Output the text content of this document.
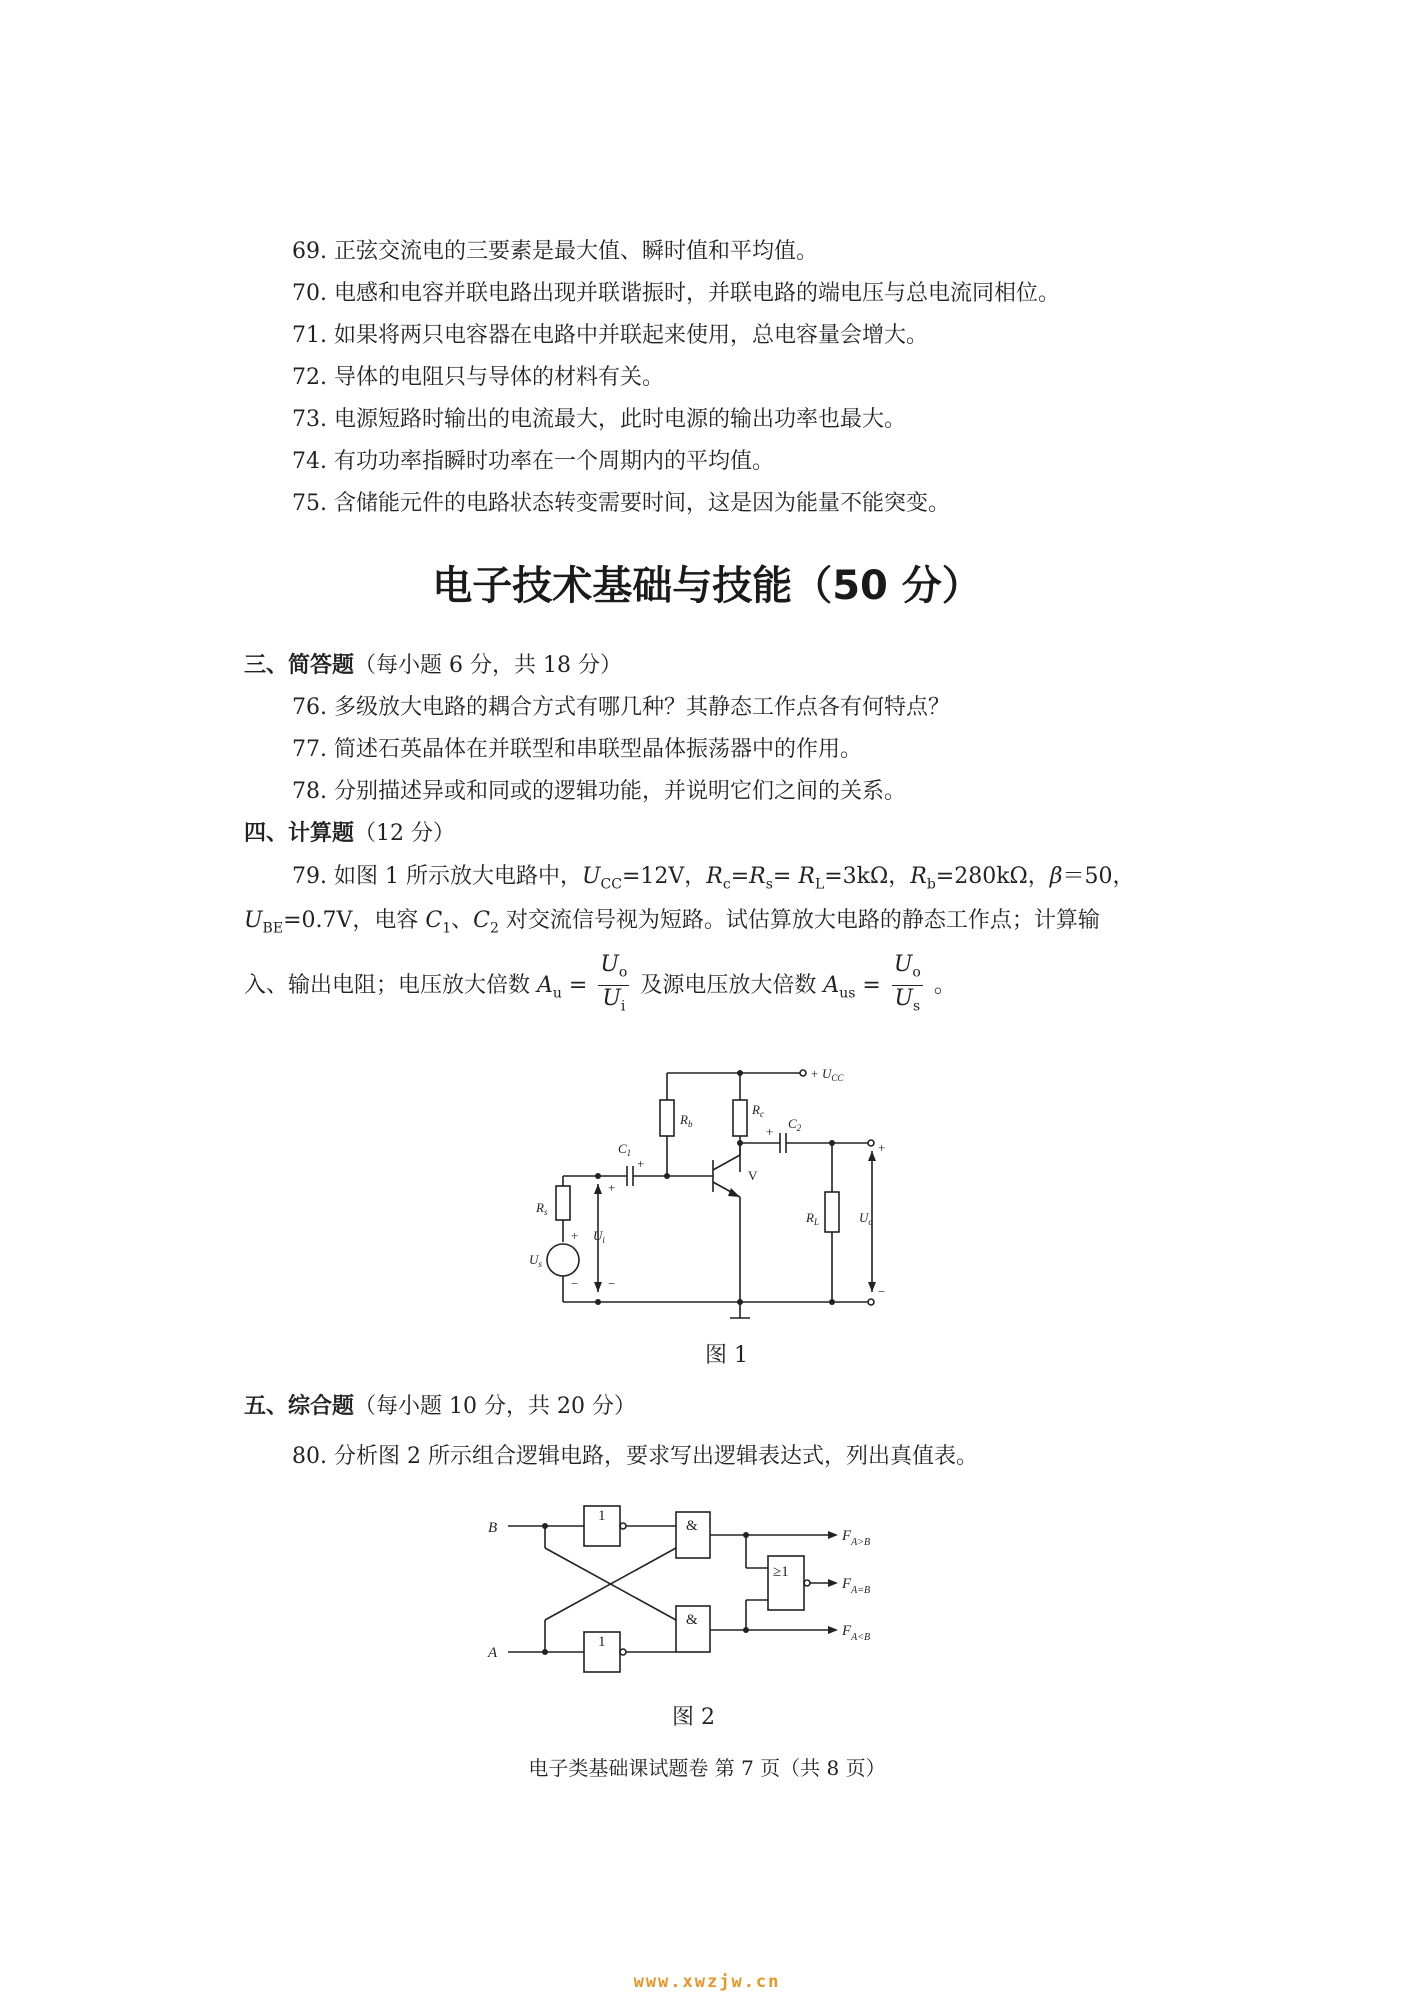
69. 正弦交流电的三要素是最大值、瞬时值和平均值。
70. 电感和电容并联电路出现并联谐振时，并联电路的端电压与总电流同相位。
71. 如果将两只电容器在电路中并联起来使用，总电容量会增大。
72. 导体的电阻只与导体的材料有关。
73. 电源短路时输出的电流最大，此时电源的输出功率也最大。
74. 有功功率指瞬时功率在一个周期内的平均值。
75. 含储能元件的电路状态转变需要时间，这是因为能量不能突变。
电子技术基础与技能（50 分）
三、简答题（每小题 6 分，共 18 分）
76. 多级放大电路的耦合方式有哪几种？其静态工作点各有何特点？
77. 简述石英晶体在并联型和串联型晶体振荡器中的作用。
78. 分别描述异或和同或的逻辑功能，并说明它们之间的关系。
四、计算题（12 分）
79. 如图 1 所示放大电路中，$U_{CC}=12V$，$R_c=R_s= R_L=3k\Omega$，$R_b=280k\Omega$，β＝50，
$U_{BE}=0.7V$，电容 $C_1$、$C_2$ 对交流信号视为短路。试估算放大电路的静态工作点；计算输
入、输出电阻；电压放大倍数 $A_u = \frac{U_o}{U_i}$ 及源电压放大倍数 $A_{us} = \frac{U_o}{U_s}$ 。
+ $U_{CC}$
$R_b$
$R_c$
+
$C_2$
$C_1$
+
+
V
$R_s$
+ $U_i$
$U_s$
− −
$R_L$	$U_o$
+
−
图 1
五、综合题（每小题 10 分，共 20 分）
80. 分析图 2 所示组合逻辑电路，要求写出逻辑表达式，列出真值表。
B
A
1
1
&
&
≥1
$F_{A>B}$
$F_{A=B}$
$F_{A<B}$
图 2
电子类基础课试题卷 第 7 页（共 8 页）
www.xwzjw.cn
